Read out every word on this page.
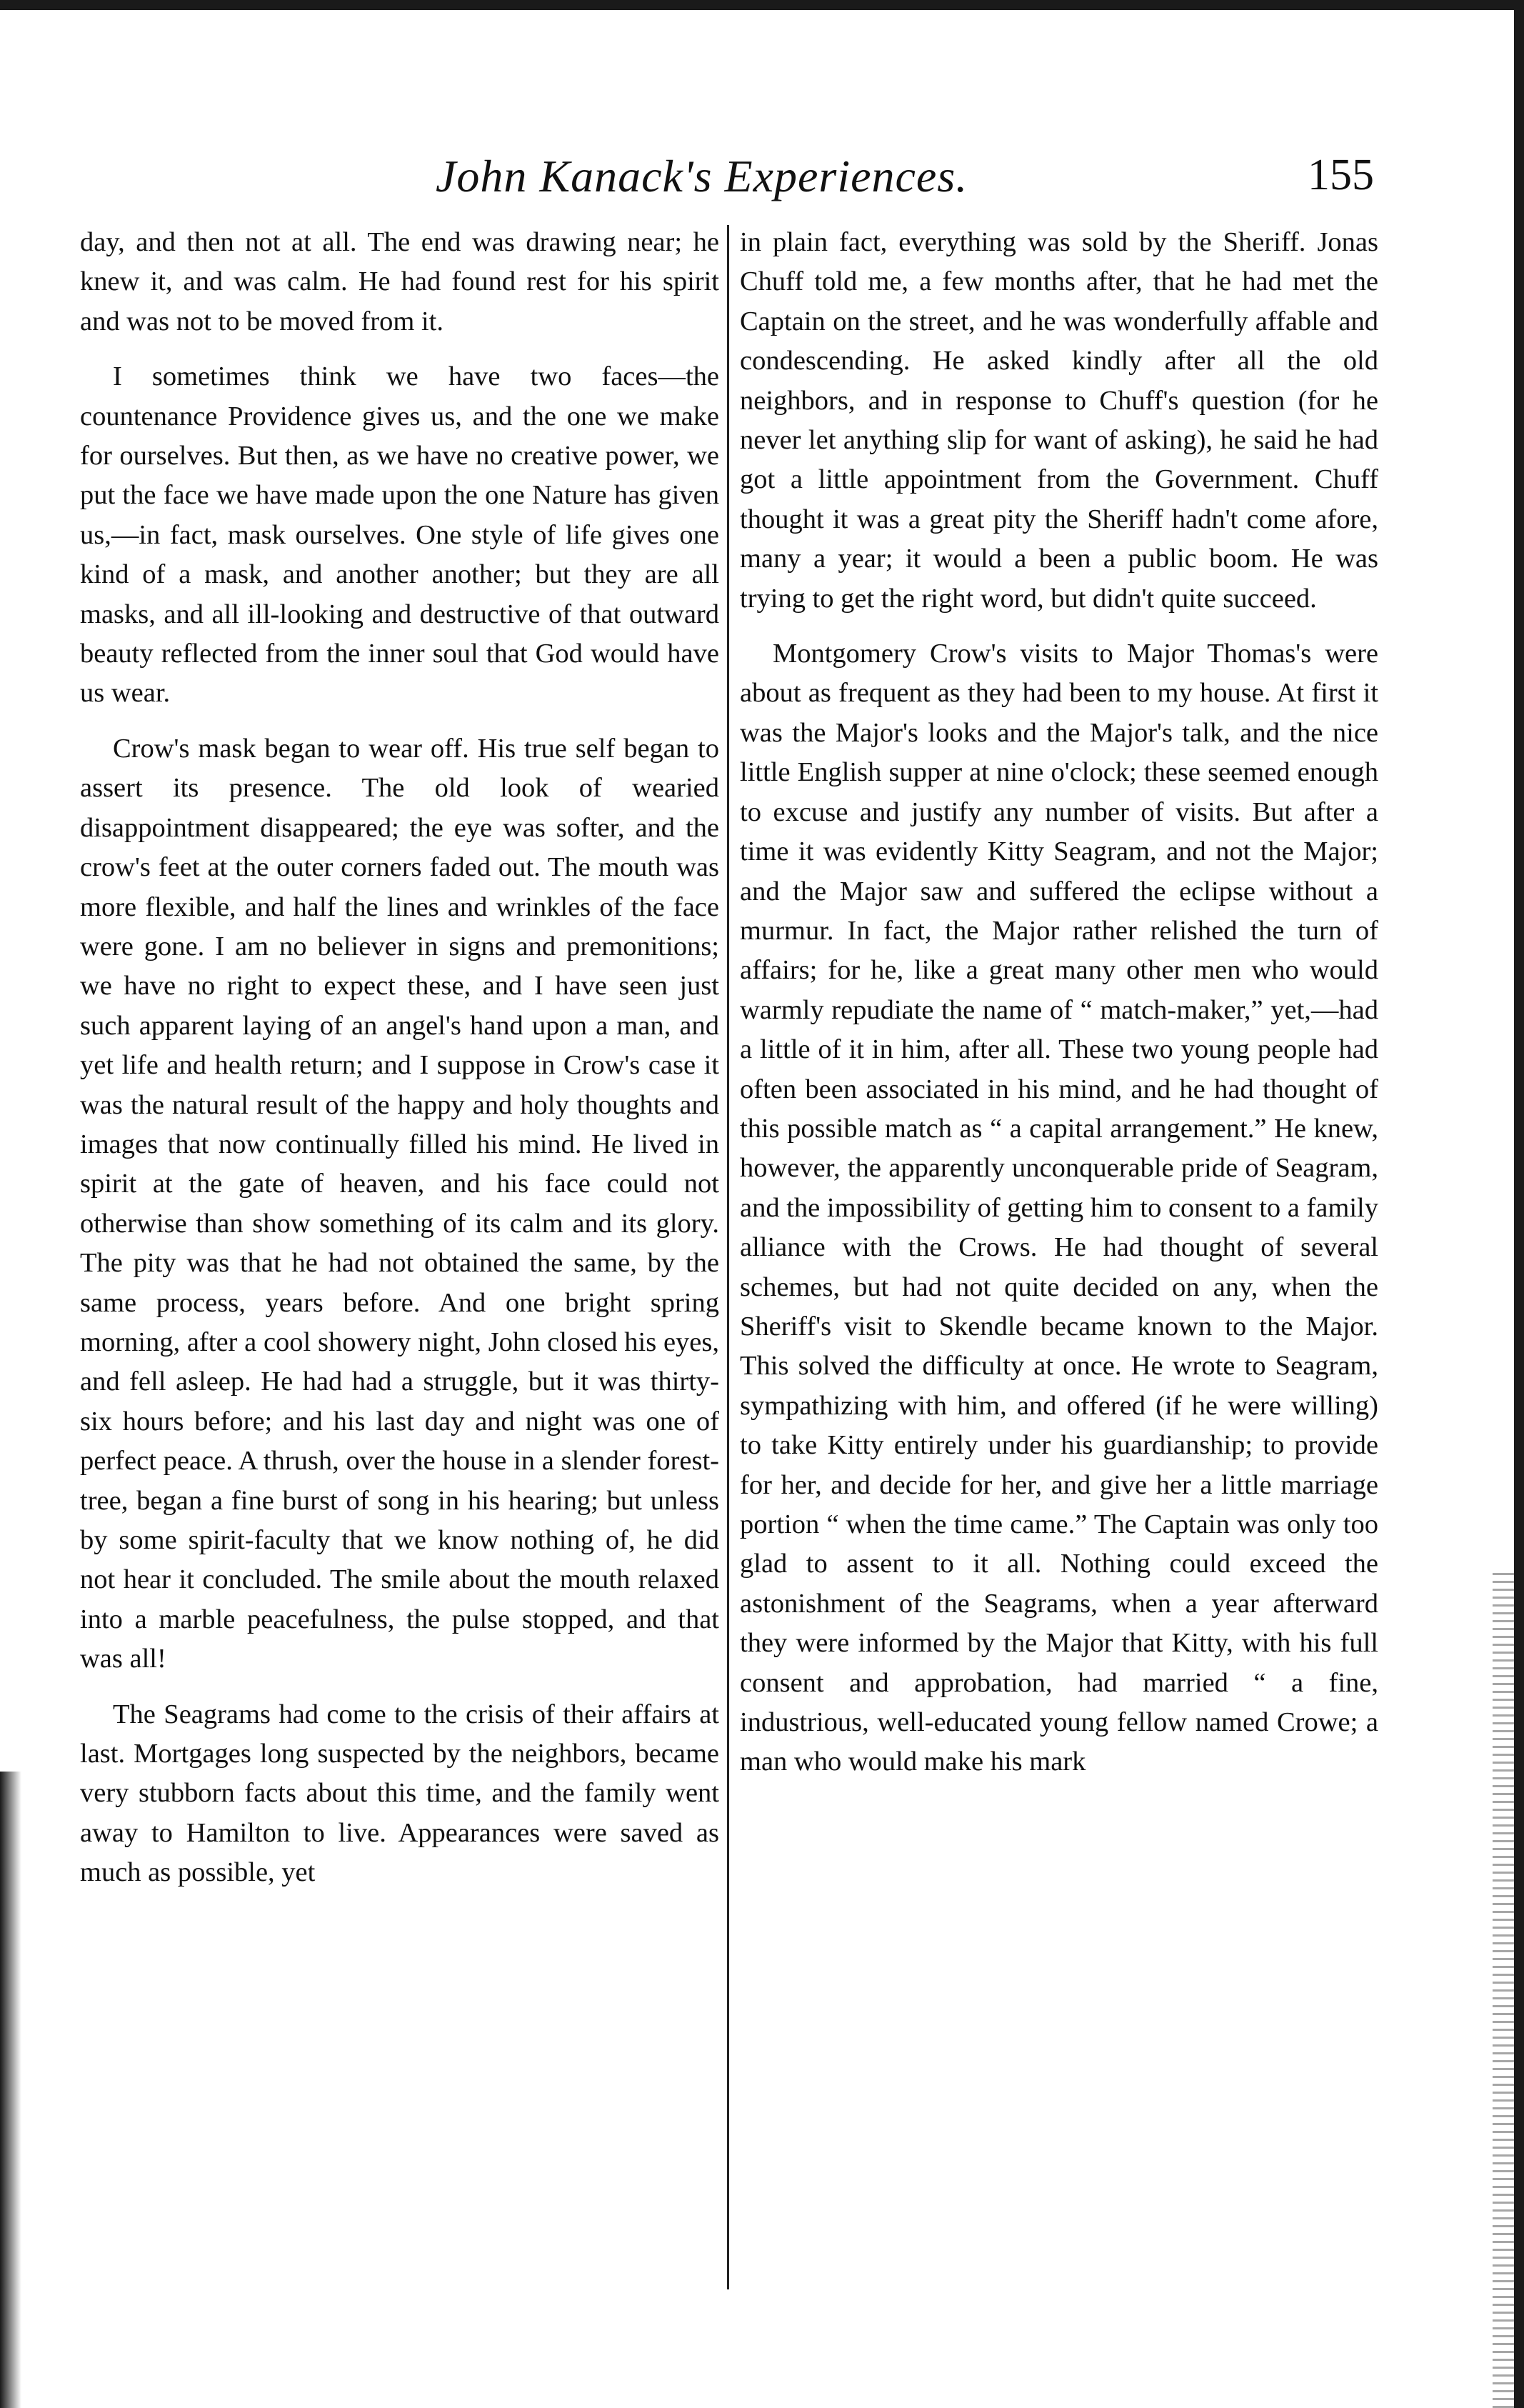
John Kanack's Experiences.	155

day, and then not at all. The end was drawing near; he knew it, and was calm. He had found rest for his spirit and was not to be moved from it.

I sometimes think we have two faces—the countenance Providence gives us, and the one we make for ourselves. But then, as we have no creative power, we put the face we have made upon the one Nature has given us,—in fact, mask ourselves. One style of life gives one kind of a mask, and another another; but they are all masks, and all ill-looking and destructive of that outward beauty reflected from the inner soul that God would have us wear.

Crow's mask began to wear off. His true self began to assert its presence. The old look of wearied disappointment disappeared; the eye was softer, and the crow's feet at the outer corners faded out. The mouth was more flexible, and half the lines and wrinkles of the face were gone. I am no believer in signs and premonitions; we have no right to expect these, and I have seen just such apparent laying of an angel's hand upon a man, and yet life and health return; and I suppose in Crow's case it was the natural result of the happy and holy thoughts and images that now continually filled his mind. He lived in spirit at the gate of heaven, and his face could not otherwise than show something of its calm and its glory. The pity was that he had not obtained the same, by the same process, years before. And one bright spring morning, after a cool showery night, John closed his eyes, and fell asleep. He had had a struggle, but it was thirty-six hours before; and his last day and night was one of perfect peace. A thrush, over the house in a slender forest-tree, began a fine burst of song in his hearing; but unless by some spirit-faculty that we know nothing of, he did not hear it concluded. The smile about the mouth relaxed into a marble peacefulness, the pulse stopped, and that was all!

The Seagrams had come to the crisis of their affairs at last. Mortgages long suspected by the neighbors, became very stubborn facts about this time, and the family went away to Hamilton to live. Appearances were saved as much as possible, yet

in plain fact, everything was sold by the Sheriff. Jonas Chuff told me, a few months after, that he had met the Captain on the street, and he was wonderfully affable and condescending. He asked kindly after all the old neighbors, and in response to Chuff's question (for he never let anything slip for want of asking), he said he had got a little appointment from the Government. Chuff thought it was a great pity the Sheriff hadn't come afore, many a year; it would a been a public boom. He was trying to get the right word, but didn't quite succeed.

Montgomery Crow's visits to Major Thomas's were about as frequent as they had been to my house. At first it was the Major's looks and the Major's talk, and the nice little English supper at nine o'clock; these seemed enough to excuse and justify any number of visits. But after a time it was evidently Kitty Seagram, and not the Major; and the Major saw and suffered the eclipse without a murmur. In fact, the Major rather relished the turn of affairs; for he, like a great many other men who would warmly repudiate the name of “ match-maker,” yet,—had a little of it in him, after all. These two young people had often been associated in his mind, and he had thought of this possible match as “ a capital arrangement.” He knew, however, the apparently unconquerable pride of Seagram, and the impossibility of getting him to consent to a family alliance with the Crows. He had thought of several schemes, but had not quite decided on any, when the Sheriff's visit to Skendle became known to the Major. This solved the difficulty at once. He wrote to Seagram, sympathizing with him, and offered (if he were willing) to take Kitty entirely under his guardianship; to provide for her, and decide for her, and give her a little marriage portion “ when the time came.” The Captain was only too glad to assent to it all. Nothing could exceed the astonishment of the Seagrams, when a year afterward they were informed by the Major that Kitty, with his full consent and approbation, had married “ a fine, industrious, well-educated young fellow named Crowe; a man who would make his mark
